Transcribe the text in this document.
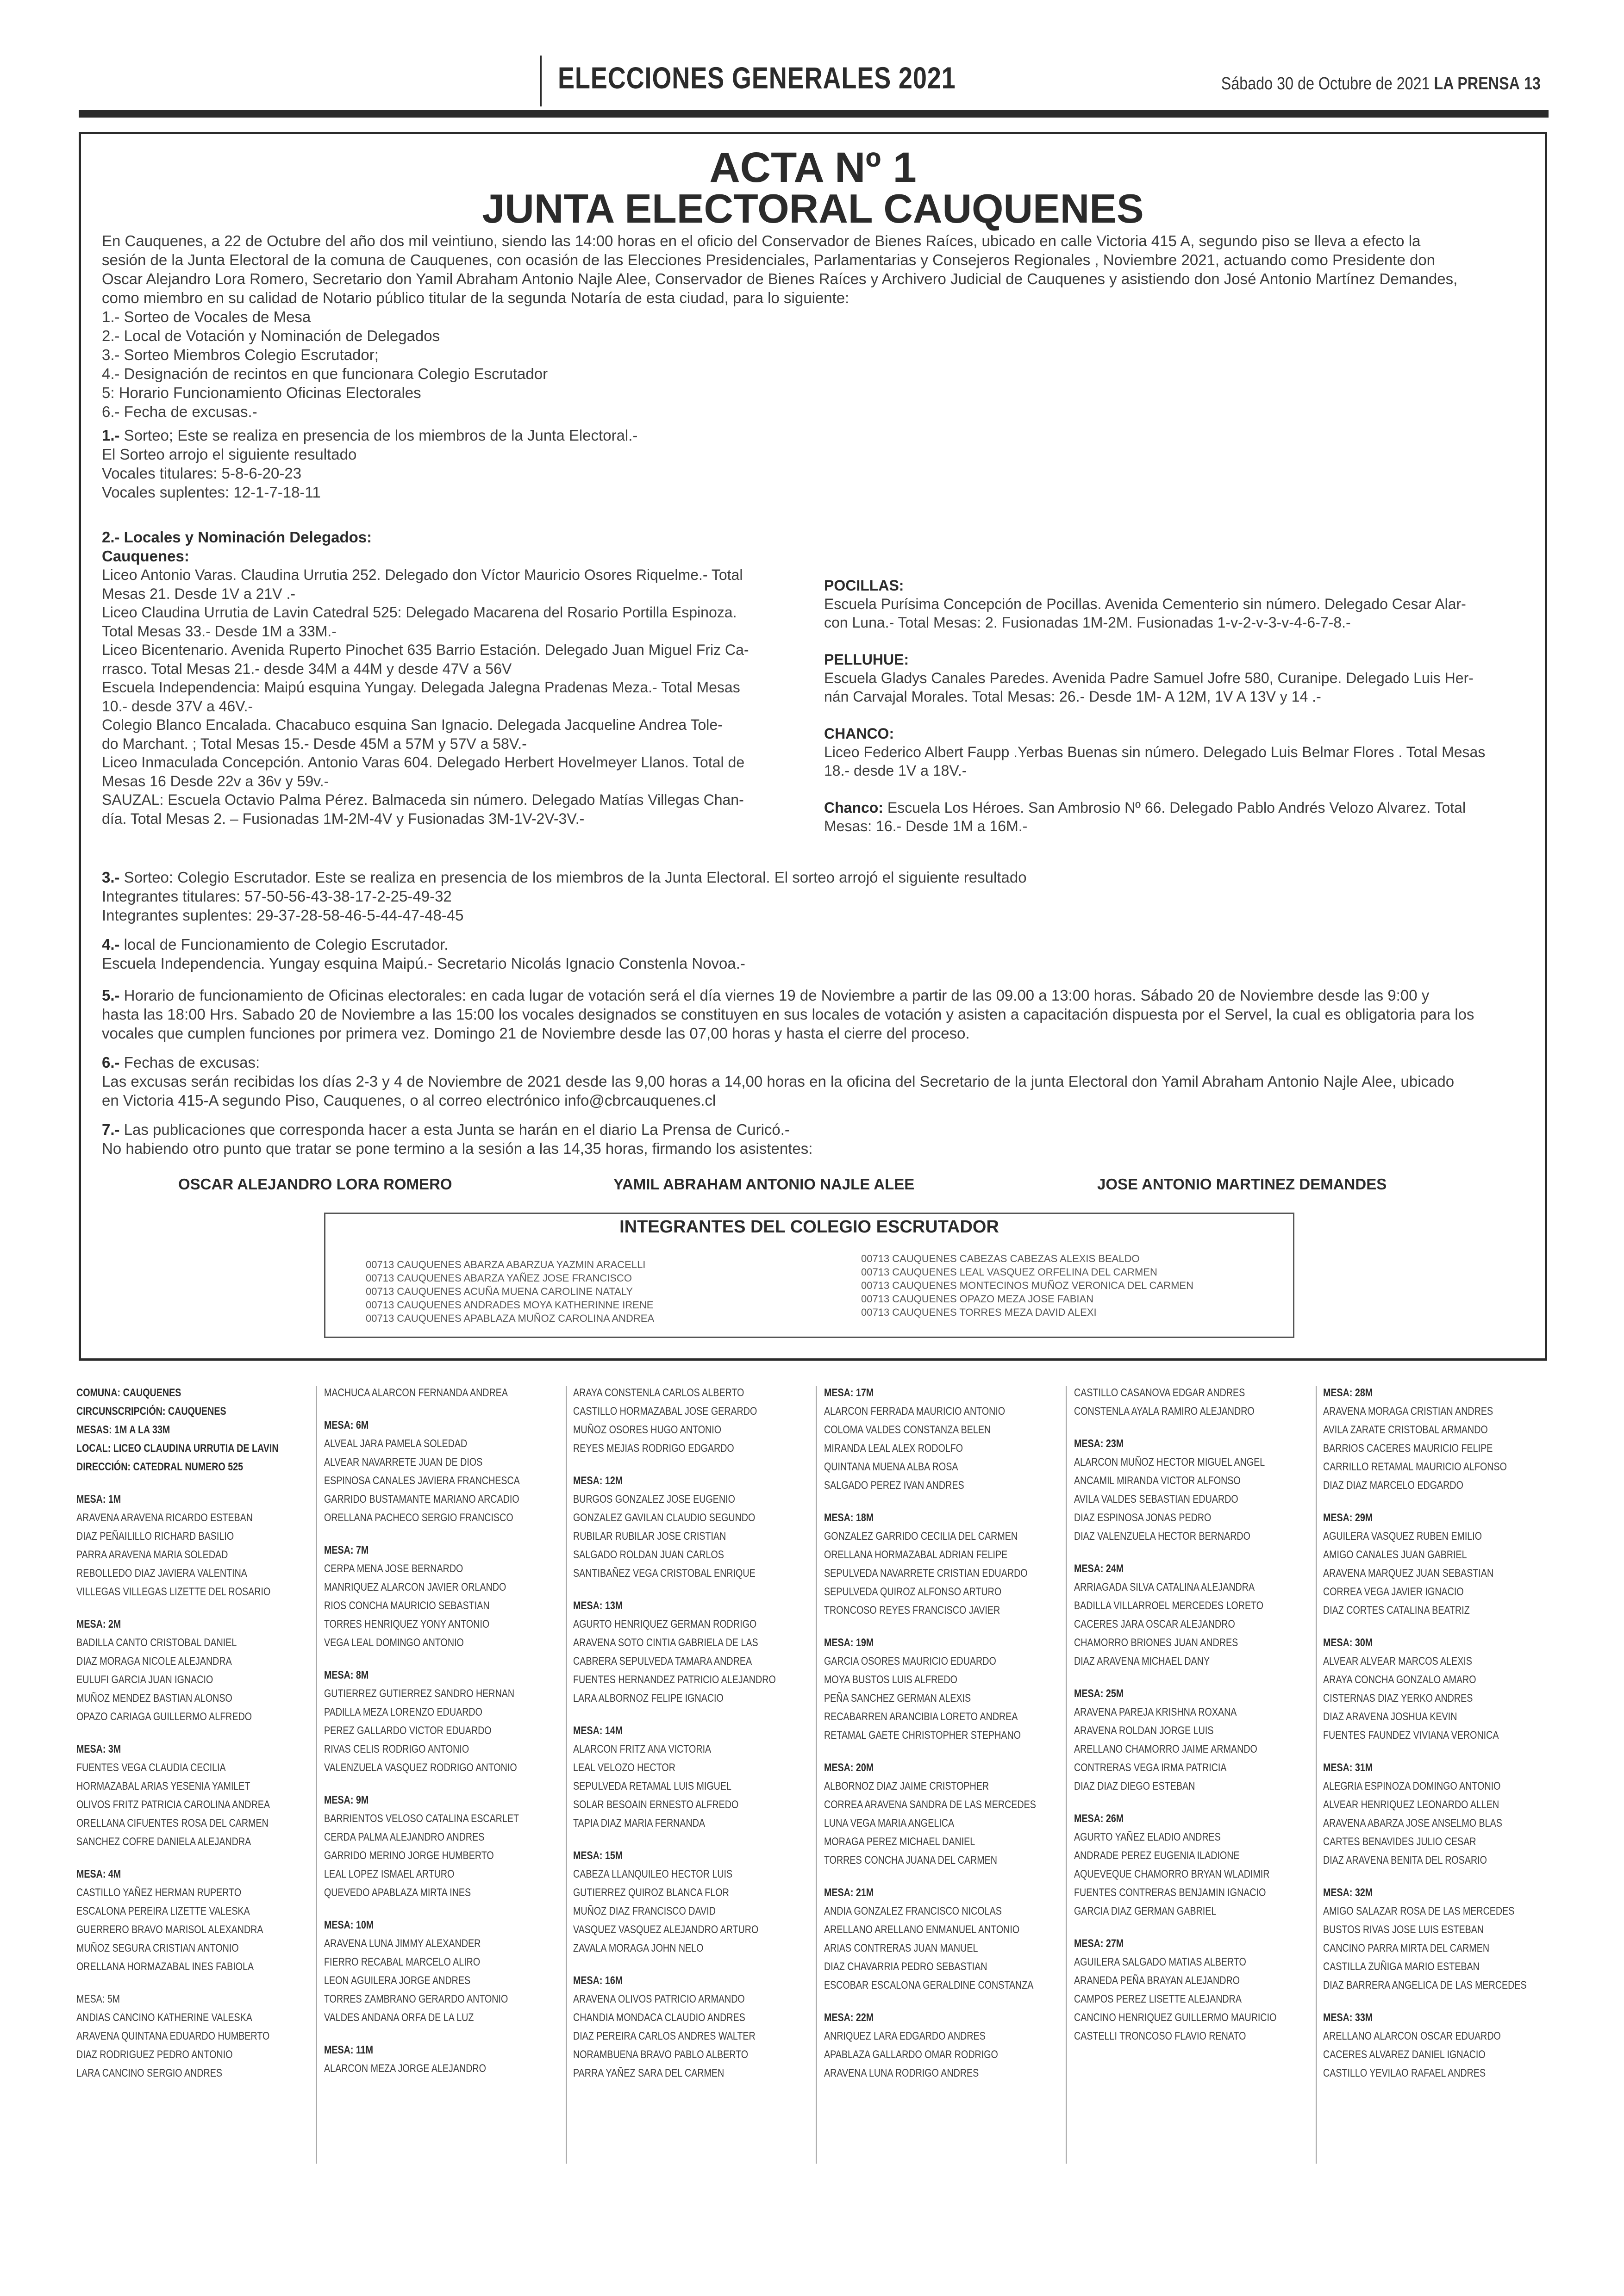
ELECCIONES GENERALES 2021	Sábado 30 de Octubre de 2021 LA PRENSA 13
ACTA Nº 1
JUNTA ELECTORAL CAUQUENES
En Cauquenes, a 22 de Octubre del año dos mil veintiuno, siendo las 14:00 horas en el oficio del Conservador de Bienes Raíces, ubicado en calle Victoria 415 A, segundo piso se lleva a efecto la
sesión de la Junta Electoral de la comuna de Cauquenes, con ocasión de las Elecciones Presidenciales, Parlamentarias y Consejeros Regionales , Noviembre 2021, actuando como Presidente don
Oscar Alejandro Lora Romero, Secretario don Yamil Abraham Antonio Najle Alee, Conservador de Bienes Raíces y Archivero Judicial de Cauquenes y asistiendo don José Antonio Martínez Demandes,
como miembro en su calidad de Notario público titular de la segunda Notaría de esta ciudad, para lo siguiente:
1.- Sorteo de Vocales de Mesa
2.- Local de Votación y Nominación de Delegados
3.- Sorteo Miembros Colegio Escrutador;
4.- Designación de recintos en que funcionara Colegio Escrutador
5: Horario Funcionamiento Oficinas Electorales
6.- Fecha de excusas.-
1.- Sorteo; Este se realiza en presencia de los miembros de la Junta Electoral.-
El Sorteo arrojo el siguiente resultado
Vocales titulares: 5-8-6-20-23
Vocales suplentes: 12-1-7-18-11
2.- Locales y Nominación Delegados:
Cauquenes:
Liceo Antonio Varas. Claudina Urrutia 252. Delegado don Víctor Mauricio Osores Riquelme.- Total
Mesas 21. Desde 1V a 21V .-
Liceo Claudina Urrutia de Lavin Catedral 525: Delegado Macarena del Rosario Portilla Espinoza.
Total Mesas 33.- Desde 1M a 33M.-
Liceo Bicentenario. Avenida Ruperto Pinochet 635 Barrio Estación. Delegado Juan Miguel Friz Ca-
rrasco. Total Mesas 21.- desde 34M a 44M y desde 47V a 56V
Escuela Independencia: Maipú esquina Yungay. Delegada Jalegna Pradenas Meza.- Total Mesas
10.- desde 37V a 46V.-
Colegio Blanco Encalada. Chacabuco esquina San Ignacio. Delegada Jacqueline Andrea Tole-
do Marchant. ; Total Mesas 15.- Desde 45M a 57M y 57V a 58V.-
Liceo Inmaculada Concepción. Antonio Varas 604. Delegado Herbert Hovelmeyer Llanos. Total de
Mesas 16 Desde 22v a 36v y 59v.-
SAUZAL: Escuela Octavio Palma Pérez. Balmaceda sin número. Delegado Matías Villegas Chan-
día. Total Mesas 2. – Fusionadas 1M-2M-4V y Fusionadas 3M-1V-2V-3V.-
POCILLAS:
Escuela Purísima Concepción de Pocillas. Avenida Cementerio sin número. Delegado Cesar Alar-
con Luna.- Total Mesas: 2. Fusionadas 1M-2M. Fusionadas 1-v-2-v-3-v-4-6-7-8.-
PELLUHUE:
Escuela Gladys Canales Paredes. Avenida Padre Samuel Jofre 580, Curanipe. Delegado Luis Her-
nán Carvajal Morales. Total Mesas: 26.- Desde 1M- A 12M, 1V A 13V y 14 .-
CHANCO:
Liceo Federico Albert Faupp .Yerbas Buenas sin número. Delegado Luis Belmar Flores . Total Mesas
18.- desde 1V a 18V.-
Chanco: Escuela Los Héroes. San Ambrosio Nº 66. Delegado Pablo Andrés Velozo Alvarez. Total
Mesas: 16.- Desde 1M a 16M.-
3.- Sorteo: Colegio Escrutador. Este se realiza en presencia de los miembros de la Junta Electoral. El sorteo arrojó el siguiente resultado
Integrantes titulares: 57-50-56-43-38-17-2-25-49-32
Integrantes suplentes: 29-37-28-58-46-5-44-47-48-45
4.- local de Funcionamiento de Colegio Escrutador.
Escuela Independencia. Yungay esquina Maipú.- Secretario Nicolás Ignacio Constenla Novoa.-
5.- Horario de funcionamiento de Oficinas electorales: en cada lugar de votación será el día viernes 19 de Noviembre a partir de las 09.00 a 13:00 horas. Sábado 20 de Noviembre desde las 9:00 y
hasta las 18:00 Hrs. Sabado 20 de Noviembre a las 15:00 los vocales designados se constituyen en sus locales de votación y asisten a capacitación dispuesta por el Servel, la cual es obligatoria para los
vocales que cumplen funciones por primera vez. Domingo 21 de Noviembre desde las 07,00 horas y hasta el cierre del proceso.
6.- Fechas de excusas:
Las excusas serán recibidas los días 2-3 y 4 de Noviembre de 2021 desde las 9,00 horas a 14,00 horas en la oficina del Secretario de la junta Electoral don Yamil Abraham Antonio Najle Alee, ubicado
en Victoria 415-A segundo Piso, Cauquenes, o al correo electrónico info@cbrcauquenes.cl
7.- Las publicaciones que corresponda hacer a esta Junta se harán en el diario La Prensa de Curicó.-
No habiendo otro punto que tratar se pone termino a la sesión a las 14,35 horas, firmando los asistentes:
OSCAR ALEJANDRO LORA ROMERO	YAMIL ABRAHAM ANTONIO NAJLE ALEE	JOSE ANTONIO MARTINEZ DEMANDES
INTEGRANTES DEL COLEGIO ESCRUTADOR
00713 CAUQUENES ABARZA ABARZUA YAZMIN ARACELLI
00713 CAUQUENES ABARZA YAÑEZ JOSE FRANCISCO
00713 CAUQUENES ACUÑA MUENA CAROLINE NATALY
00713 CAUQUENES ANDRADES MOYA KATHERINNE IRENE
00713 CAUQUENES APABLAZA MUÑOZ CAROLINA ANDREA
00713 CAUQUENES CABEZAS CABEZAS ALEXIS BEALDO
00713 CAUQUENES LEAL VASQUEZ ORFELINA DEL CARMEN
00713 CAUQUENES MONTECINOS MUÑOZ VERONICA DEL CARMEN
00713 CAUQUENES OPAZO MEZA JOSE FABIAN
00713 CAUQUENES TORRES MEZA DAVID ALEXI
COMUNA: CAUQUENES
CIRCUNSCRIPCIÓN: CAUQUENES
MESAS: 1M A LA 33M
LOCAL: LICEO CLAUDINA URRUTIA DE LAVIN
DIRECCIÓN: CATEDRAL NUMERO 525
MESA: 1M
ARAVENA ARAVENA RICARDO ESTEBAN
DIAZ PEÑAILILLO RICHARD BASILIO
PARRA ARAVENA MARIA SOLEDAD
REBOLLEDO DIAZ JAVIERA VALENTINA
VILLEGAS VILLEGAS LIZETTE DEL ROSARIO
MESA: 2M
BADILLA CANTO CRISTOBAL DANIEL
DIAZ MORAGA NICOLE ALEJANDRA
EULUFI GARCIA JUAN IGNACIO
MUÑOZ MENDEZ BASTIAN ALONSO
OPAZO CARIAGA GUILLERMO ALFREDO
MESA: 3M
FUENTES VEGA CLAUDIA CECILIA
HORMAZABAL ARIAS YESENIA YAMILET
OLIVOS FRITZ PATRICIA CAROLINA ANDREA
ORELLANA CIFUENTES ROSA DEL CARMEN
SANCHEZ COFRE DANIELA ALEJANDRA
MESA: 4M
CASTILLO YAÑEZ HERMAN RUPERTO
ESCALONA PEREIRA LIZETTE VALESKA
GUERRERO BRAVO MARISOL ALEXANDRA
MUÑOZ SEGURA CRISTIAN ANTONIO
ORELLANA HORMAZABAL INES FABIOLA
MESA: 5M
ANDIAS CANCINO KATHERINE VALESKA
ARAVENA QUINTANA EDUARDO HUMBERTO
DIAZ RODRIGUEZ PEDRO ANTONIO
LARA CANCINO SERGIO ANDRES
MACHUCA ALARCON FERNANDA ANDREA
MESA: 6M
ALVEAL JARA PAMELA SOLEDAD
ALVEAR NAVARRETE JUAN DE DIOS
ESPINOSA CANALES JAVIERA FRANCHESCA
GARRIDO BUSTAMANTE MARIANO ARCADIO
ORELLANA PACHECO SERGIO FRANCISCO
MESA: 7M
CERPA MENA JOSE BERNARDO
MANRIQUEZ ALARCON JAVIER ORLANDO
RIOS CONCHA MAURICIO SEBASTIAN
TORRES HENRIQUEZ YONY ANTONIO
VEGA LEAL DOMINGO ANTONIO
MESA: 8M
GUTIERREZ GUTIERREZ SANDRO HERNAN
PADILLA MEZA LORENZO EDUARDO
PEREZ GALLARDO VICTOR EDUARDO
RIVAS CELIS RODRIGO ANTONIO
VALENZUELA VASQUEZ RODRIGO ANTONIO
MESA: 9M
BARRIENTOS VELOSO CATALINA ESCARLET
CERDA PALMA ALEJANDRO ANDRES
GARRIDO MERINO JORGE HUMBERTO
LEAL LOPEZ ISMAEL ARTURO
QUEVEDO APABLAZA MIRTA INES
MESA: 10M
ARAVENA LUNA JIMMY ALEXANDER
FIERRO RECABAL MARCELO ALIRO
LEON AGUILERA JORGE ANDRES
TORRES ZAMBRANO GERARDO ANTONIO
VALDES ANDANA ORFA DE LA LUZ
MESA: 11M
ALARCON MEZA JORGE ALEJANDRO
ARAYA CONSTENLA CARLOS ALBERTO
CASTILLO HORMAZABAL JOSE GERARDO
MUÑOZ OSORES HUGO ANTONIO
REYES MEJIAS RODRIGO EDGARDO
MESA: 12M
BURGOS GONZALEZ JOSE EUGENIO
GONZALEZ GAVILAN CLAUDIO SEGUNDO
RUBILAR RUBILAR JOSE CRISTIAN
SALGADO ROLDAN JUAN CARLOS
SANTIBAÑEZ VEGA CRISTOBAL ENRIQUE
MESA: 13M
AGURTO HENRIQUEZ GERMAN RODRIGO
ARAVENA SOTO CINTIA GABRIELA DE LAS
CABRERA SEPULVEDA TAMARA ANDREA
FUENTES HERNANDEZ PATRICIO ALEJANDRO
LARA ALBORNOZ FELIPE IGNACIO
MESA: 14M
ALARCON FRITZ ANA VICTORIA
LEAL VELOZO HECTOR
SEPULVEDA RETAMAL LUIS MIGUEL
SOLAR BESOAIN ERNESTO ALFREDO
TAPIA DIAZ MARIA FERNANDA
MESA: 15M
CABEZA LLANQUILEO HECTOR LUIS
GUTIERREZ QUIROZ BLANCA FLOR
MUÑOZ DIAZ FRANCISCO DAVID
VASQUEZ VASQUEZ ALEJANDRO ARTURO
ZAVALA MORAGA JOHN NELO
MESA: 16M
ARAVENA OLIVOS PATRICIO ARMANDO
CHANDIA MONDACA CLAUDIO ANDRES
DIAZ PEREIRA CARLOS ANDRES WALTER
NORAMBUENA BRAVO PABLO ALBERTO
PARRA YAÑEZ SARA DEL CARMEN
MESA: 17M
ALARCON FERRADA MAURICIO ANTONIO
COLOMA VALDES CONSTANZA BELEN
MIRANDA LEAL ALEX RODOLFO
QUINTANA MUENA ALBA ROSA
SALGADO PEREZ IVAN ANDRES
MESA: 18M
GONZALEZ GARRIDO CECILIA DEL CARMEN
ORELLANA HORMAZABAL ADRIAN FELIPE
SEPULVEDA NAVARRETE CRISTIAN EDUARDO
SEPULVEDA QUIROZ ALFONSO ARTURO
TRONCOSO REYES FRANCISCO JAVIER
MESA: 19M
GARCIA OSORES MAURICIO EDUARDO
MOYA BUSTOS LUIS ALFREDO
PEÑA SANCHEZ GERMAN ALEXIS
RECABARREN ARANCIBIA LORETO ANDREA
RETAMAL GAETE CHRISTOPHER STEPHANO
MESA: 20M
ALBORNOZ DIAZ JAIME CRISTOPHER
CORREA ARAVENA SANDRA DE LAS MERCEDES
LUNA VEGA MARIA ANGELICA
MORAGA PEREZ MICHAEL DANIEL
TORRES CONCHA JUANA DEL CARMEN
MESA: 21M
ANDIA GONZALEZ FRANCISCO NICOLAS
ARELLANO ARELLANO ENMANUEL ANTONIO
ARIAS CONTRERAS JUAN MANUEL
DIAZ CHAVARRIA PEDRO SEBASTIAN
ESCOBAR ESCALONA GERALDINE CONSTANZA
MESA: 22M
ANRIQUEZ LARA EDGARDO ANDRES
APABLAZA GALLARDO OMAR RODRIGO
ARAVENA LUNA RODRIGO ANDRES
CASTILLO CASANOVA EDGAR ANDRES
CONSTENLA AYALA RAMIRO ALEJANDRO
MESA: 23M
ALARCON MUÑOZ HECTOR MIGUEL ANGEL
ANCAMIL MIRANDA VICTOR ALFONSO
AVILA VALDES SEBASTIAN EDUARDO
DIAZ ESPINOSA JONAS PEDRO
DIAZ VALENZUELA HECTOR BERNARDO
MESA: 24M
ARRIAGADA SILVA CATALINA ALEJANDRA
BADILLA VILLARROEL MERCEDES LORETO
CACERES JARA OSCAR ALEJANDRO
CHAMORRO BRIONES JUAN ANDRES
DIAZ ARAVENA MICHAEL DANY
MESA: 25M
ARAVENA PAREJA KRISHNA ROXANA
ARAVENA ROLDAN JORGE LUIS
ARELLANO CHAMORRO JAIME ARMANDO
CONTRERAS VEGA IRMA PATRICIA
DIAZ DIAZ DIEGO ESTEBAN
MESA: 26M
AGURTO YAÑEZ ELADIO ANDRES
ANDRADE PEREZ EUGENIA ILADIONE
AQUEVEQUE CHAMORRO BRYAN WLADIMIR
FUENTES CONTRERAS BENJAMIN IGNACIO
GARCIA DIAZ GERMAN GABRIEL
MESA: 27M
AGUILERA SALGADO MATIAS ALBERTO
ARANEDA PEÑA BRAYAN ALEJANDRO
CAMPOS PEREZ LISETTE ALEJANDRA
CANCINO HENRIQUEZ GUILLERMO MAURICIO
CASTELLI TRONCOSO FLAVIO RENATO
MESA: 28M
ARAVENA MORAGA CRISTIAN ANDRES
AVILA ZARATE CRISTOBAL ARMANDO
BARRIOS CACERES MAURICIO FELIPE
CARRILLO RETAMAL MAURICIO ALFONSO
DIAZ DIAZ MARCELO EDGARDO
MESA: 29M
AGUILERA VASQUEZ RUBEN EMILIO
AMIGO CANALES JUAN GABRIEL
ARAVENA MARQUEZ JUAN SEBASTIAN
CORREA VEGA JAVIER IGNACIO
DIAZ CORTES CATALINA BEATRIZ
MESA: 30M
ALVEAR ALVEAR MARCOS ALEXIS
ARAYA CONCHA GONZALO AMARO
CISTERNAS DIAZ YERKO ANDRES
DIAZ ARAVENA JOSHUA KEVIN
FUENTES FAUNDEZ VIVIANA VERONICA
MESA: 31M
ALEGRIA ESPINOZA DOMINGO ANTONIO
ALVEAR HENRIQUEZ LEONARDO ALLEN
ARAVENA ABARZA JOSE ANSELMO BLAS
CARTES BENAVIDES JULIO CESAR
DIAZ ARAVENA BENITA DEL ROSARIO
MESA: 32M
AMIGO SALAZAR ROSA DE LAS MERCEDES
BUSTOS RIVAS JOSE LUIS ESTEBAN
CANCINO PARRA MIRTA DEL CARMEN
CASTILLA ZUÑIGA MARIO ESTEBAN
DIAZ BARRERA ANGELICA DE LAS MERCEDES
MESA: 33M
ARELLANO ALARCON OSCAR EDUARDO
CACERES ALVAREZ DANIEL IGNACIO
CASTILLO YEVILAO RAFAEL ANDRES
